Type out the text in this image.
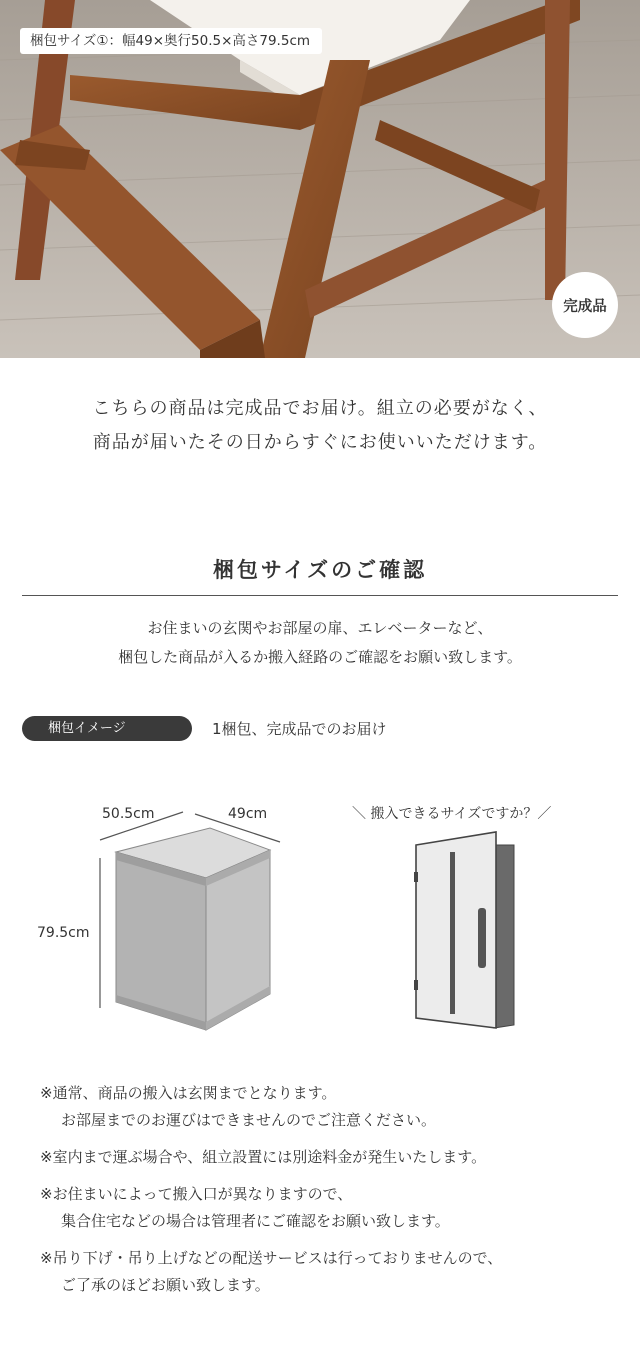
梱包サイズ①：幅49×奥行50.5×高さ79.5cm
完成品
こちらの商品は完成品でお届け。組立の必要がなく、
商品が届いたその日からすぐにお使いいただけます。
梱包サイズのご確認
お住まいの玄関やお部屋の扉、エレベーターなど、
梱包した商品が入るか搬入経路のご確認をお願い致します。
梱包イメージ	1梱包、完成品でのお届け
50.5cm	49cm
79.5cm
＼ 搬入できるサイズですか？／
※通常、商品の搬入は玄関までとなります。
お部屋までのお運びはできませんのでご注意ください。
※室内まで運ぶ場合や、組立設置には別途料金が発生いたします。
※お住まいによって搬入口が異なりますので、
集合住宅などの場合は管理者にご確認をお願い致します。
※吊り下げ・吊り上げなどの配送サービスは行っておりませんので、
ご了承のほどお願い致します。
